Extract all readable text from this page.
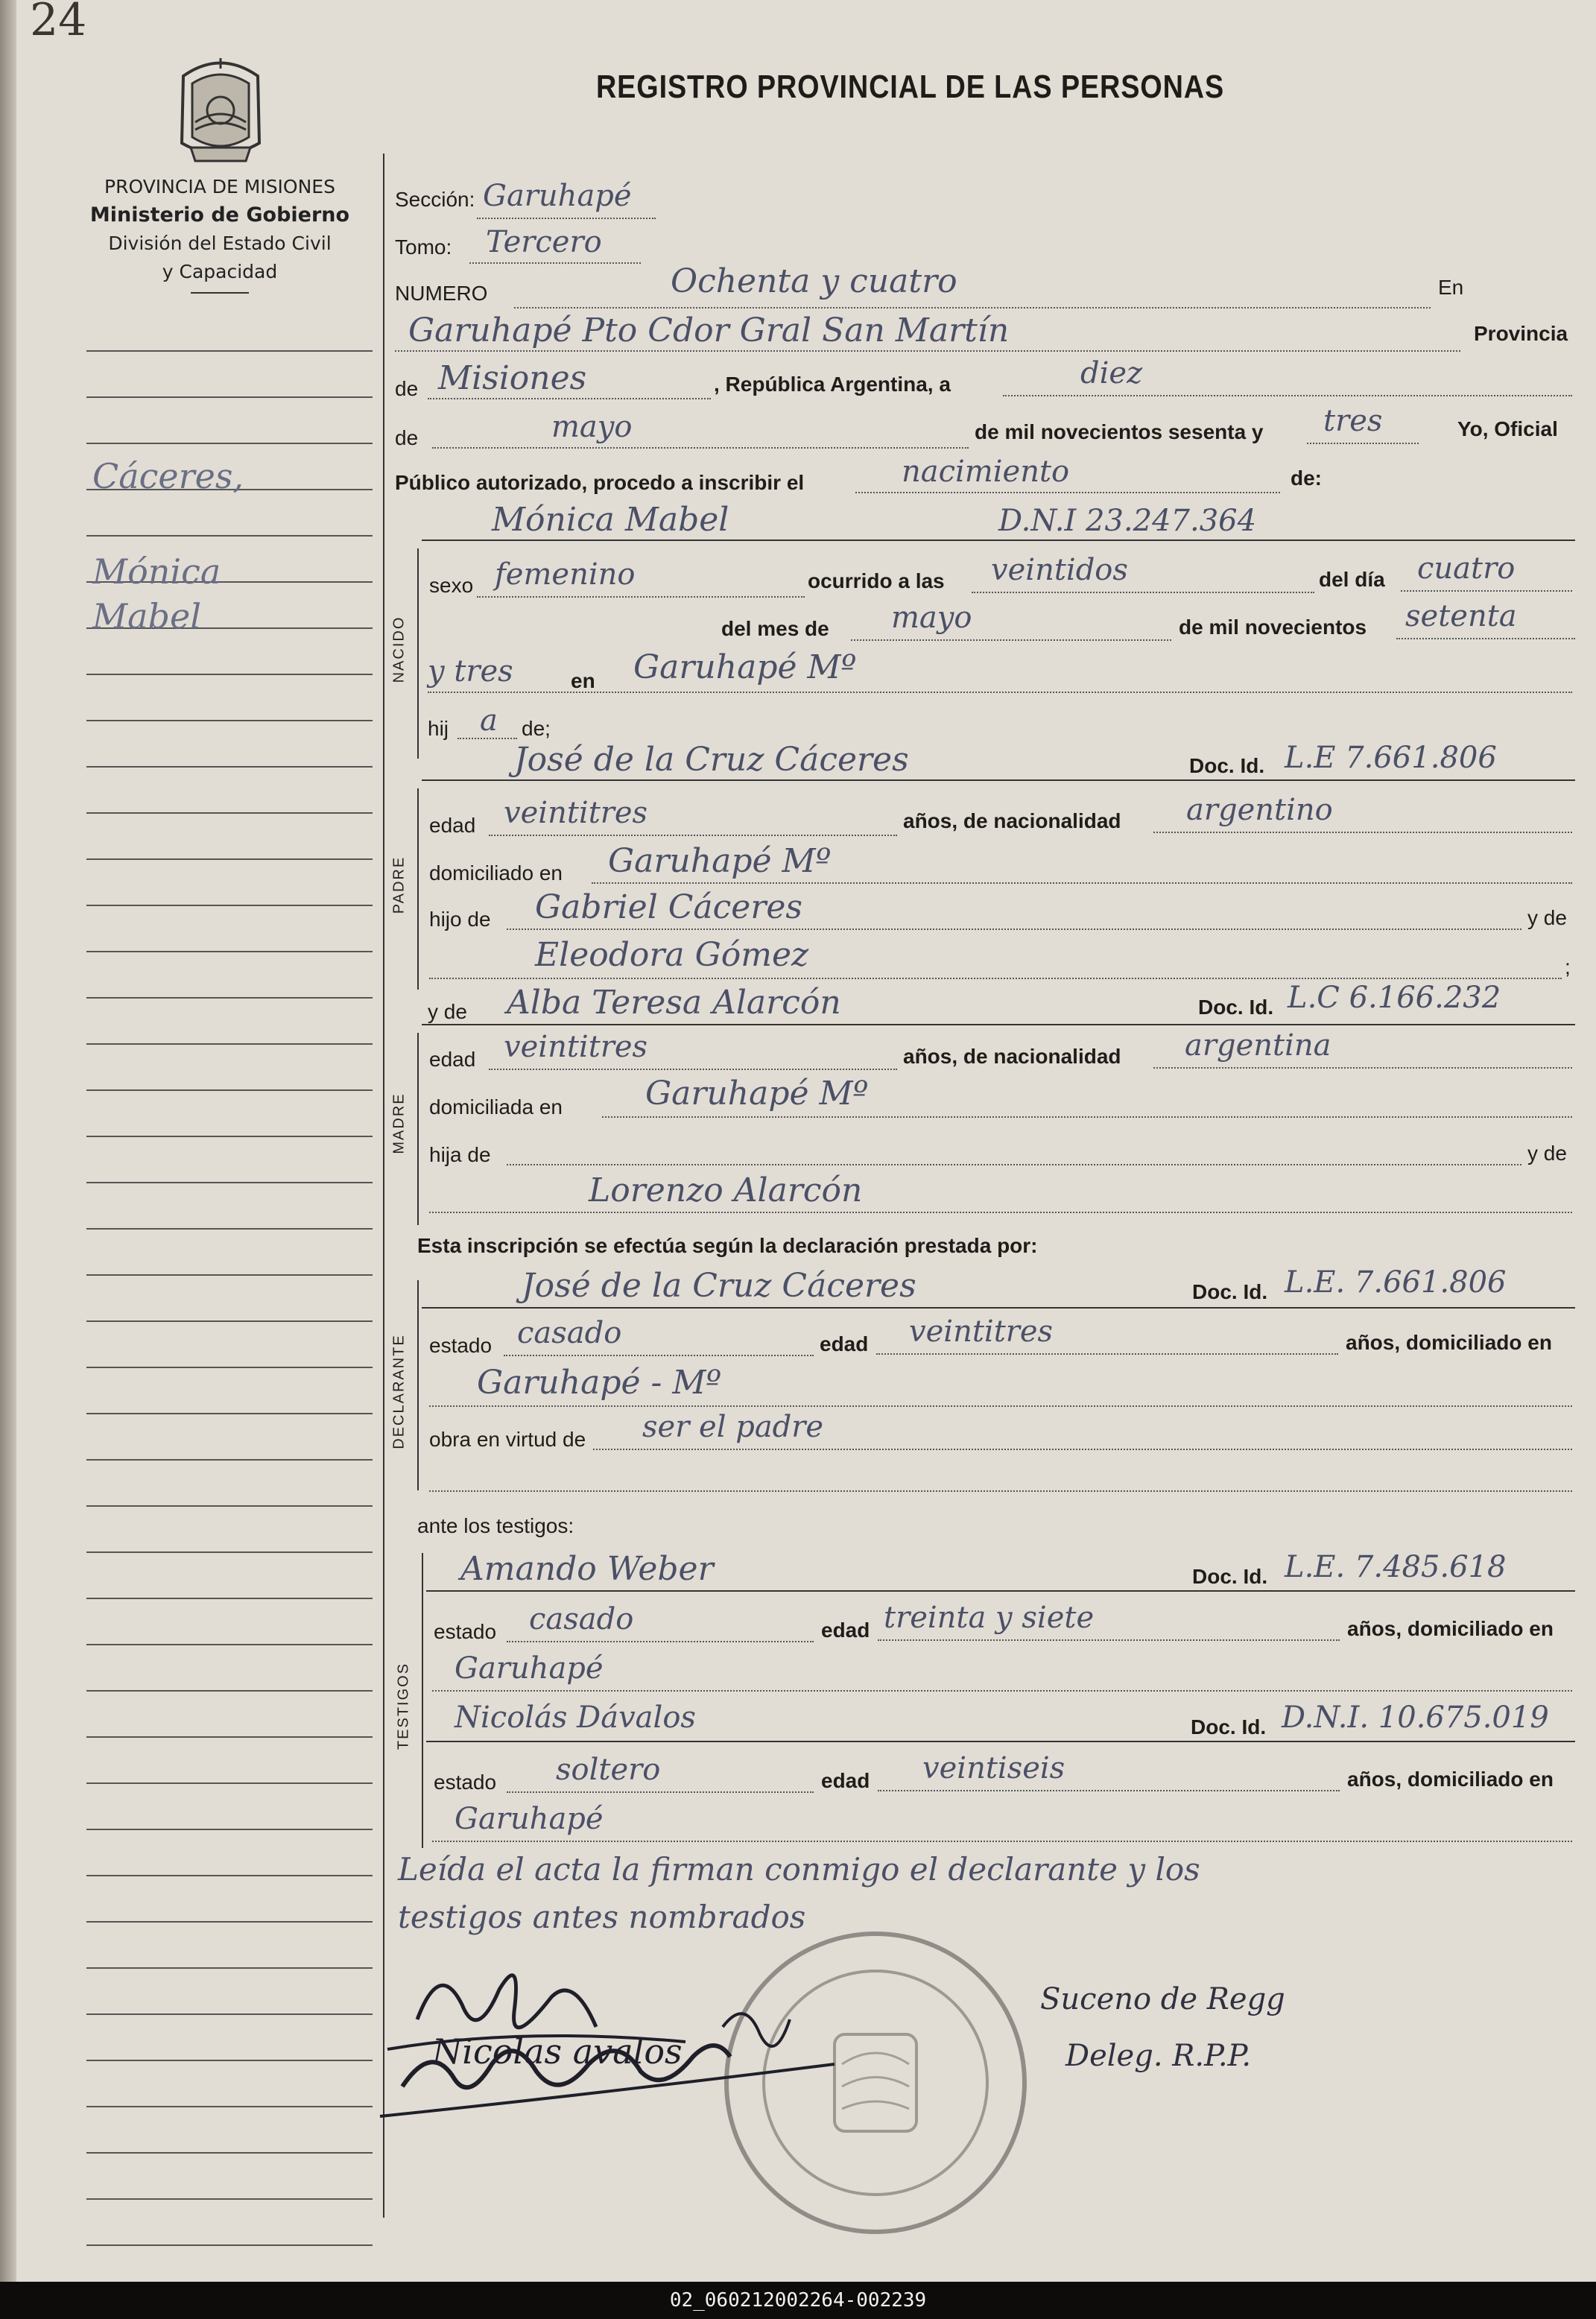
24
REGISTRO PROVINCIAL DE LAS PERSONAS
PROVINCIA DE MISIONES
Ministerio de Gobierno
División del Estado Civil
y Capacidad
Cáceres,
Mónica
Mabel
Sección: Garuhapé
Tomo: Tercero
NUMERO	Ochenta y cuatro	En
Garuhapé Pto Cdor Gral San Martín	Provincia
de Misiones	, República Argentina, a	diez
de	mayo	de mil novecientos sesenta y tres	Yo, Oficial
Público autorizado, procedo a inscribir el	nacimiento	de:
Mónica Mabel	D.N.I 23.247.364
NACIDO
sexo femenino	ocurrido a las veintidos	del día cuatro
del mes de mayo	de mil novecientos setenta
y tres	en Garuhapé Mº
hij a de;
José de la Cruz Cáceres	Doc. Id. L.E 7.661.806
PADRE
edad veintitres	años, de nacionalidad argentino
domiciliado en Garuhapé Mº
hijo de Gabriel Cáceres	y de
Eleodora Gómez	;
y de Alba Teresa Alarcón	Doc. Id. L.C 6.166.232
MADRE
edad veintitres	años, de nacionalidad argentina
domiciliada en	Garuhapé Mº
hija de	y de
Lorenzo Alarcón
Esta inscripción se efectúa según la declaración prestada por:
José de la Cruz Cáceres	Doc. Id. L.E. 7.661.806
DECLARANTE estado casado	edad veintitres	años, domiciliado en
Garuhapé - Mº
obra en virtud de ser el padre
ante los testigos:
TESTIGOS
Amando Weber	Doc. Id. L.E. 7.485.618
estado casado	edad treinta y siete	años, domiciliado en
Garuhapé
Nicolás Dávalos	Doc. Id. D.N.I. 10.675.019
estado soltero	edad veintiseis	años, domiciliado en
Garuhapé
Leída el acta la firman conmigo el declarante y los
testigos antes nombrados
Nicolas avalos
Suceno de Regg
Deleg. R.P.P.
02_060212002264-002239
